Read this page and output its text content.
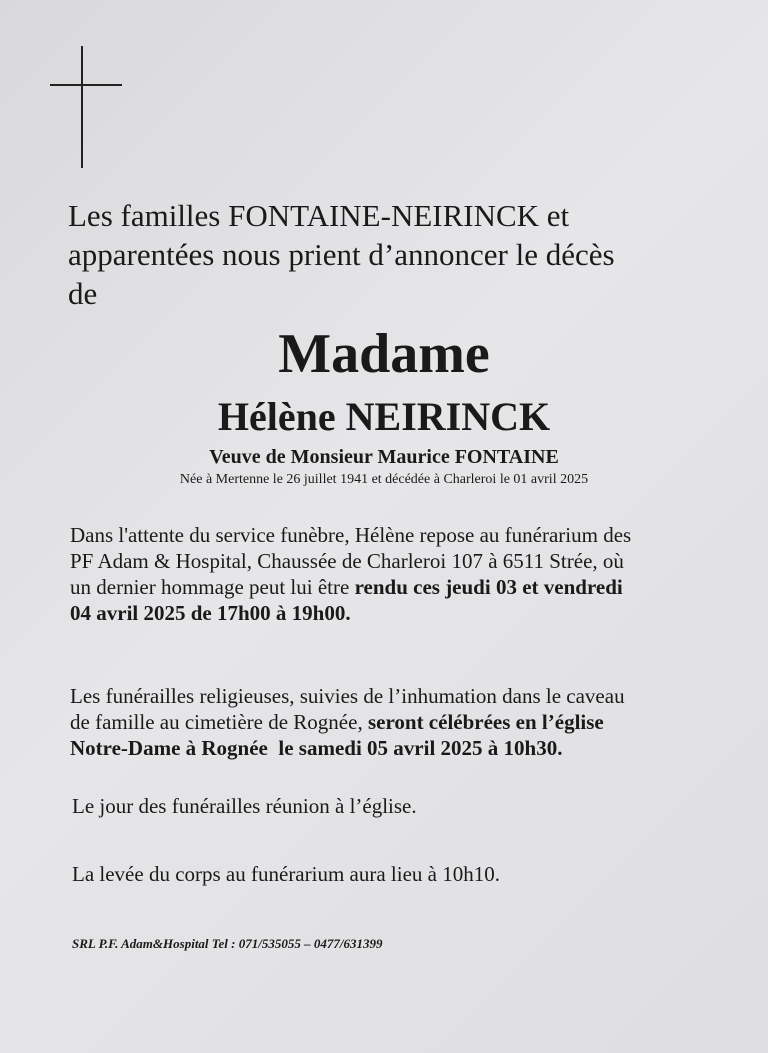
Les familles FONTAINE-NEIRINCK et
apparentées nous prient d’annoncer le décès
de

Madame

Hélène NEIRINCK

Veuve de Monsieur Maurice FONTAINE

Née à Mertenne le 26 juillet 1941 et décédée à Charleroi le 01 avril 2025

Dans l'attente du service funèbre, Hélène repose au funérarium des
PF Adam & Hospital, Chaussée de Charleroi 107 à 6511 Strée, où
un dernier hommage peut lui être rendu ces jeudi 03 et vendredi
04 avril 2025 de 17h00 à 19h00.

Les funérailles religieuses, suivies de l’inhumation dans le caveau
de famille au cimetière de Rognée, seront célébrées en l’église
Notre-Dame à Rognée  le samedi 05 avril 2025 à 10h30.

Le jour des funérailles réunion à l’église.

La levée du corps au funérarium aura lieu à 10h10.

SRL P.F. Adam&Hospital Tel : 071/535055 – 0477/631399
